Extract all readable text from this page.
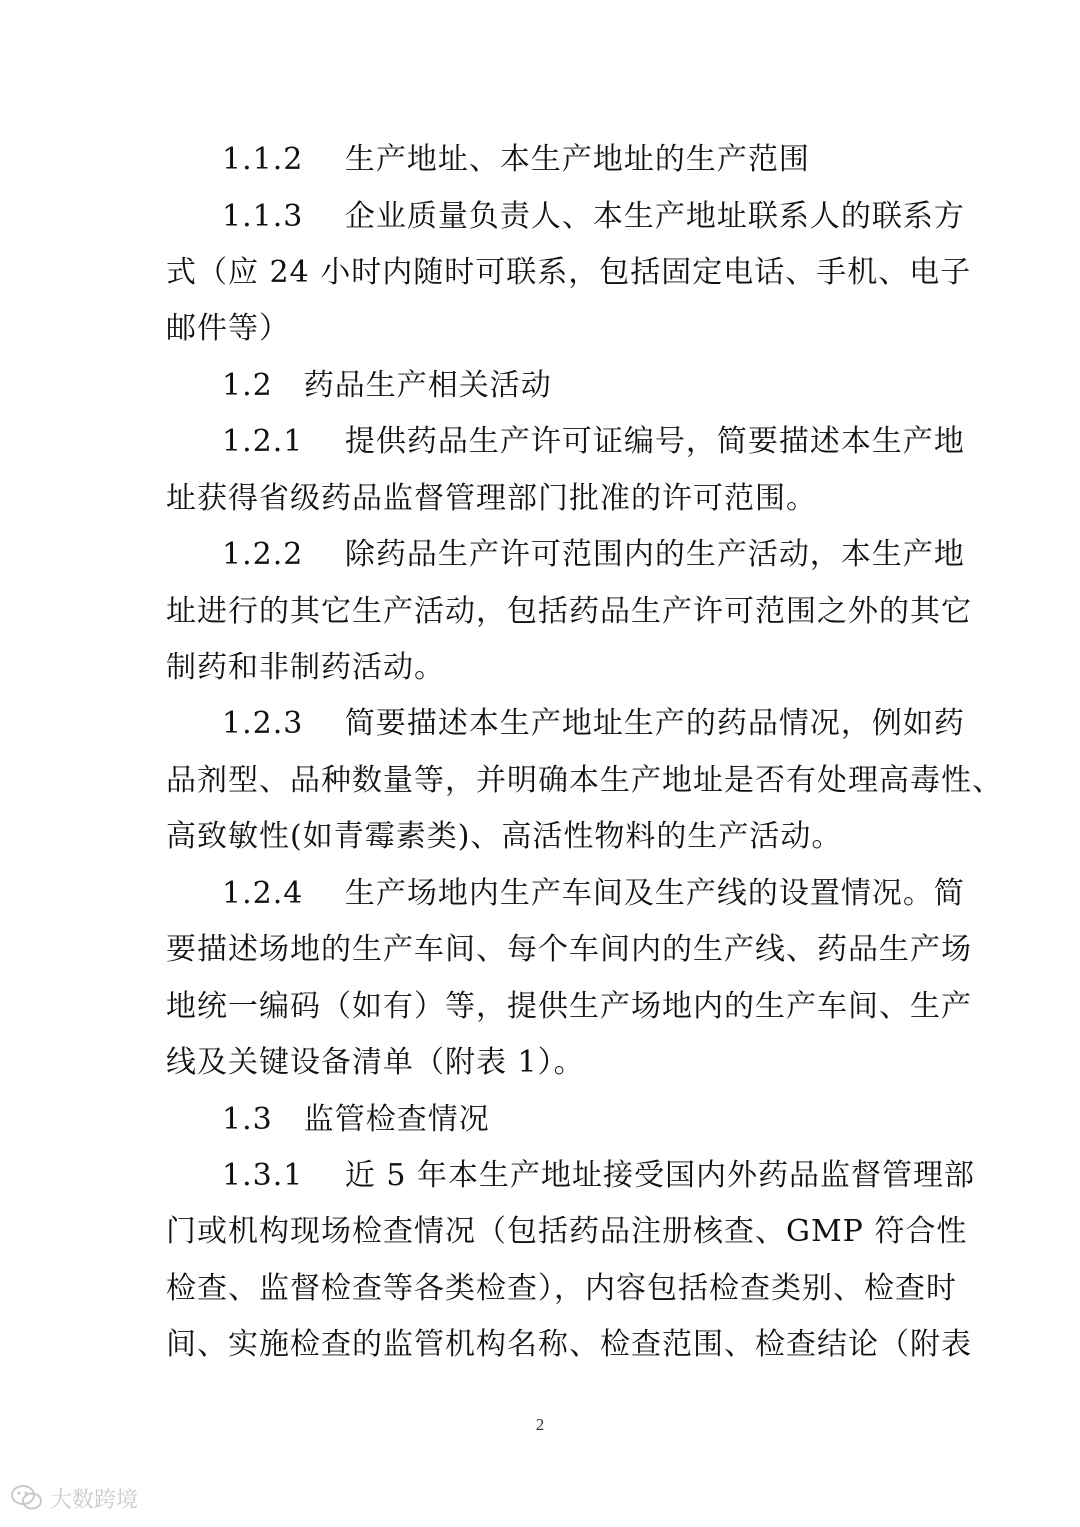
1.1.2　 生产地址、本生产地址的生产范围
1.1.3　 企业质量负责人、本生产地址联系人的联系方
式（应 24 小时内随时可联系，包括固定电话、手机、电子
邮件等）
1.2　药品生产相关活动
1.2.1　 提供药品生产许可证编号，简要描述本生产地
址获得省级药品监督管理部门批准的许可范围。
1.2.2　 除药品生产许可范围内的生产活动，本生产地
址进行的其它生产活动，包括药品生产许可范围之外的其它
制药和非制药活动。
1.2.3　 简要描述本生产地址生产的药品情况，例如药
品剂型、品种数量等，并明确本生产地址是否有处理高毒性、
高致敏性(如青霉素类)、高活性物料的生产活动。
1.2.4　 生产场地内生产车间及生产线的设置情况。简
要描述场地的生产车间、每个车间内的生产线、药品生产场
地统一编码（如有）等，提供生产场地内的生产车间、生产
线及关键设备清单（附表 1）。
1.3　监管检查情况
1.3.1　 近 5 年本生产地址接受国内外药品监督管理部
门或机构现场检查情况（包括药品注册核查、GMP 符合性
检查、监督检查等各类检查），内容包括检查类别、检查时
间、实施检查的监管机构名称、检查范围、检查结论（附表
2
大数跨境
